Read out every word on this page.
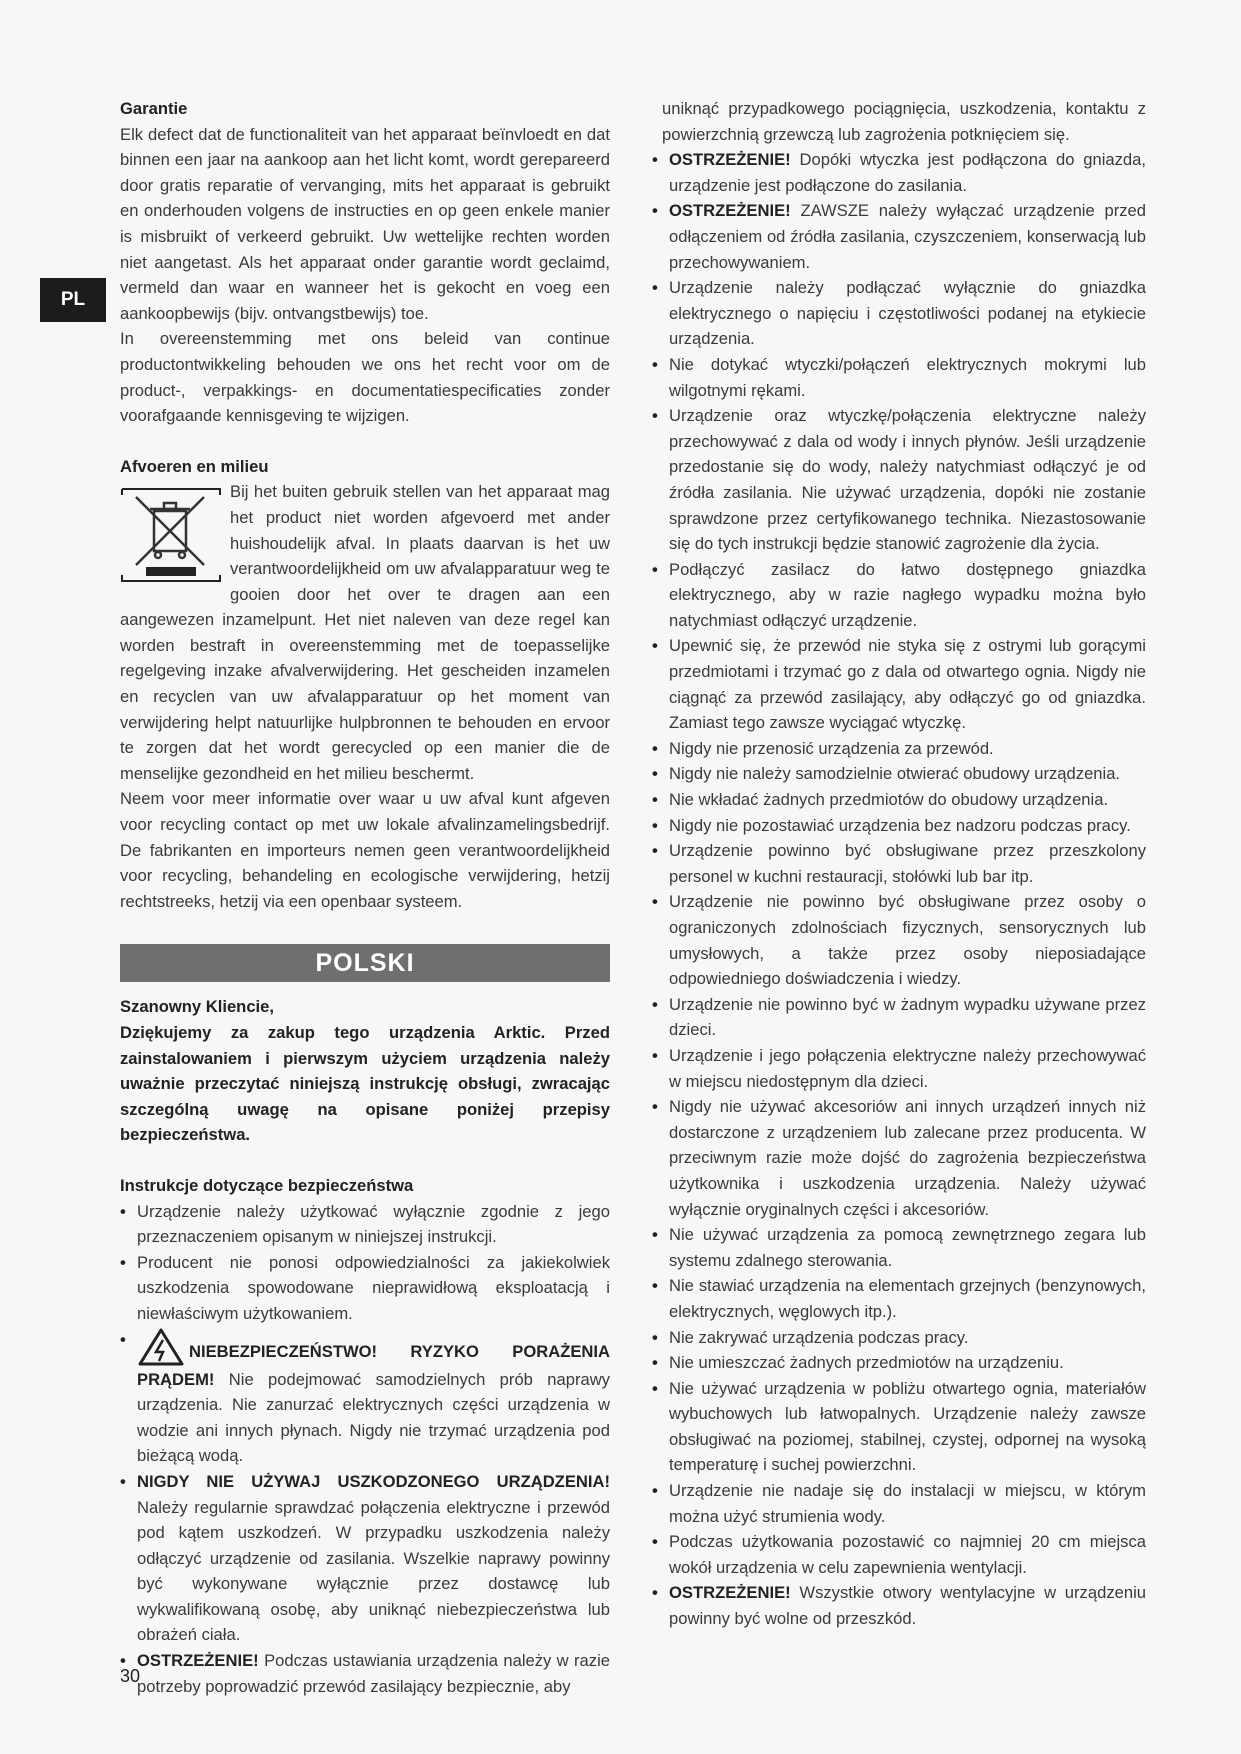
PL
Garantie

Elk defect dat de functionaliteit van het apparaat beïnvloedt en dat binnen een jaar na aankoop aan het licht komt, wordt gerepareerd door gratis reparatie of vervanging, mits het apparaat is gebruikt en onderhouden volgens de instructies en op geen enkele manier is misbruikt of verkeerd gebruikt. Uw wettelijke rechten worden niet aangetast. Als het apparaat onder garantie wordt geclaimd, vermeld dan waar en wanneer het is gekocht en voeg een aankoopbewijs (bijv. ontvangstbewijs) toe.

In overeenstemming met ons beleid van continue productontwikkeling behouden we ons het recht voor om de product-, verpakkings- en documentatiespecificaties zonder voorafgaande kennisgeving te wijzigen.

Afvoeren en milieu

Bij het buiten gebruik stellen van het apparaat mag het product niet worden afgevoerd met ander huishoudelijk afval. In plaats daarvan is het uw verantwoordelijkheid om uw afvalapparatuur weg te gooien door het over te dragen aan een aangewezen inzamelpunt. Het niet naleven van deze regel kan worden bestraft in overeenstemming met de toepasselijke regelgeving inzake afvalverwijdering. Het gescheiden inzamelen en recyclen van uw afvalapparatuur op het moment van verwijdering helpt natuurlijke hulpbronnen te behouden en ervoor te zorgen dat het wordt gerecycled op een manier die de menselijke gezondheid en het milieu beschermt.

Neem voor meer informatie over waar u uw afval kunt afgeven voor recycling contact op met uw lokale afvalinzamelingsbedrijf. De fabrikanten en importeurs nemen geen verantwoordelijkheid voor recycling, behandeling en ecologische verwijdering, hetzij rechtstreeks, hetzij via een openbaar systeem.

POLSKI
Szanowny Kliencie,

Dziękujemy za zakup tego urządzenia Arktic. Przed zainstalowaniem i pierwszym użyciem urządzenia należy uważnie przeczytać niniejszą instrukcję obsługi, zwracając szczególną uwagę na opisane poniżej przepisy bezpieczeństwa.

Instrukcje dotyczące bezpieczeństwa
• Urządzenie należy użytkować wyłącznie zgodnie z jego przeznaczeniem opisanym w niniejszej instrukcji.
• Producent nie ponosi odpowiedzialności za jakiekolwiek uszkodzenia spowodowane nieprawidłową eksploatacją i niewłaściwym użytkowaniem.
• NIEBEZPIECZEŃSTWO! RYZYKO PORAŻENIA PRĄDEM! Nie podejmować samodzielnych prób naprawy urządzenia. Nie zanurzać elektrycznych części urządzenia w wodzie ani innych płynach. Nigdy nie trzymać urządzenia pod bieżącą wodą.
• NIGDY NIE UŻYWAJ USZKODZONEGO URZĄDZENIA! Należy regularnie sprawdzać połączenia elektryczne i przewód pod kątem uszkodzeń. W przypadku uszkodzenia należy odłączyć urządzenie od zasilania. Wszelkie naprawy powinny być wykonywane wyłącznie przez dostawcę lub wykwalifikowaną osobę, aby uniknąć niebezpieczeństwa lub obrażeń ciała.
• OSTRZEŻENIE! Podczas ustawiania urządzenia należy w razie potrzeby poprowadzić przewód zasilający bezpiecznie, aby

uniknąć przypadkowego pociągnięcia, uszkodzenia, kontaktu z powierzchnią grzewczą lub zagrożenia potknięciem się.

• OSTRZEŻENIE! Dopóki wtyczka jest podłączona do gniazda, urządzenie jest podłączone do zasilania.
• OSTRZEŻENIE! ZAWSZE należy wyłączać urządzenie przed odłączeniem od źródła zasilania, czyszczeniem, konserwacją lub przechowywaniem.
• Urządzenie należy podłączać wyłącznie do gniazdka elektrycznego o napięciu i częstotliwości podanej na etykiecie urządzenia.
• Nie dotykać wtyczki/połączeń elektrycznych mokrymi lub wilgotnymi rękami.
• Urządzenie oraz wtyczkę/połączenia elektryczne należy przechowywać z dala od wody i innych płynów. Jeśli urządzenie przedostanie się do wody, należy natychmiast odłączyć je od źródła zasilania. Nie używać urządzenia, dopóki nie zostanie sprawdzone przez certyfikowanego technika. Niezastosowanie się do tych instrukcji będzie stanowić zagrożenie dla życia.
• Podłączyć zasilacz do łatwo dostępnego gniazdka elektrycznego, aby w razie nagłego wypadku można było natychmiast odłączyć urządzenie.
• Upewnić się, że przewód nie styka się z ostrymi lub gorącymi przedmiotami i trzymać go z dala od otwartego ognia. Nigdy nie ciągnąć za przewód zasilający, aby odłączyć go od gniazdka. Zamiast tego zawsze wyciągać wtyczkę.
• Nigdy nie przenosić urządzenia za przewód.
• Nigdy nie należy samodzielnie otwierać obudowy urządzenia.
• Nie wkładać żadnych przedmiotów do obudowy urządzenia.
• Nigdy nie pozostawiać urządzenia bez nadzoru podczas pracy.
• Urządzenie powinno być obsługiwane przez przeszkolony personel w kuchni restauracji, stołówki lub bar itp.
• Urządzenie nie powinno być obsługiwane przez osoby o ograniczonych zdolnościach fizycznych, sensorycznych lub umysłowych, a także przez osoby nieposiadające odpowiedniego doświadczenia i wiedzy.
• Urządzenie nie powinno być w żadnym wypadku używane przez dzieci.
• Urządzenie i jego połączenia elektryczne należy przechowywać w miejscu niedostępnym dla dzieci.
• Nigdy nie używać akcesoriów ani innych urządzeń innych niż dostarczone z urządzeniem lub zalecane przez producenta. W przeciwnym razie może dojść do zagrożenia bezpieczeństwa użytkownika i uszkodzenia urządzenia. Należy używać wyłącznie oryginalnych części i akcesoriów.
• Nie używać urządzenia za pomocą zewnętrznego zegara lub systemu zdalnego sterowania.
• Nie stawiać urządzenia na elementach grzejnych (benzynowych, elektrycznych, węglowych itp.).
• Nie zakrywać urządzenia podczas pracy.
• Nie umieszczać żadnych przedmiotów na urządzeniu.
• Nie używać urządzenia w pobliżu otwartego ognia, materiałów wybuchowych lub łatwopalnych. Urządzenie należy zawsze obsługiwać na poziomej, stabilnej, czystej, odpornej na wysoką temperaturę i suchej powierzchni.
• Urządzenie nie nadaje się do instalacji w miejscu, w którym można użyć strumienia wody.
• Podczas użytkowania pozostawić co najmniej 20 cm miejsca wokół urządzenia w celu zapewnienia wentylacji.
• OSTRZEŻENIE! Wszystkie otwory wentylacyjne w urządzeniu powinny być wolne od przeszkód.
30
